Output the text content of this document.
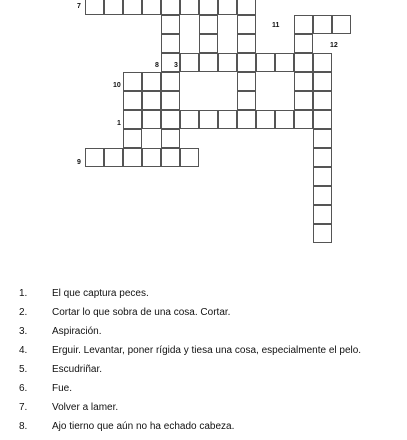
7
11
12
8 3
10
1
9
1.	El que captura peces.
2.	Cortar lo que sobra de una cosa. Cortar.
3.	Aspiración.
4.	Erguir. Levantar, poner rígida y tiesa una cosa, especialmente el pelo.
5.	Escudriñar.
6.	Fue.
7.	Volver a lamer.
8.	Ajo tierno que aún no ha echado cabeza.
